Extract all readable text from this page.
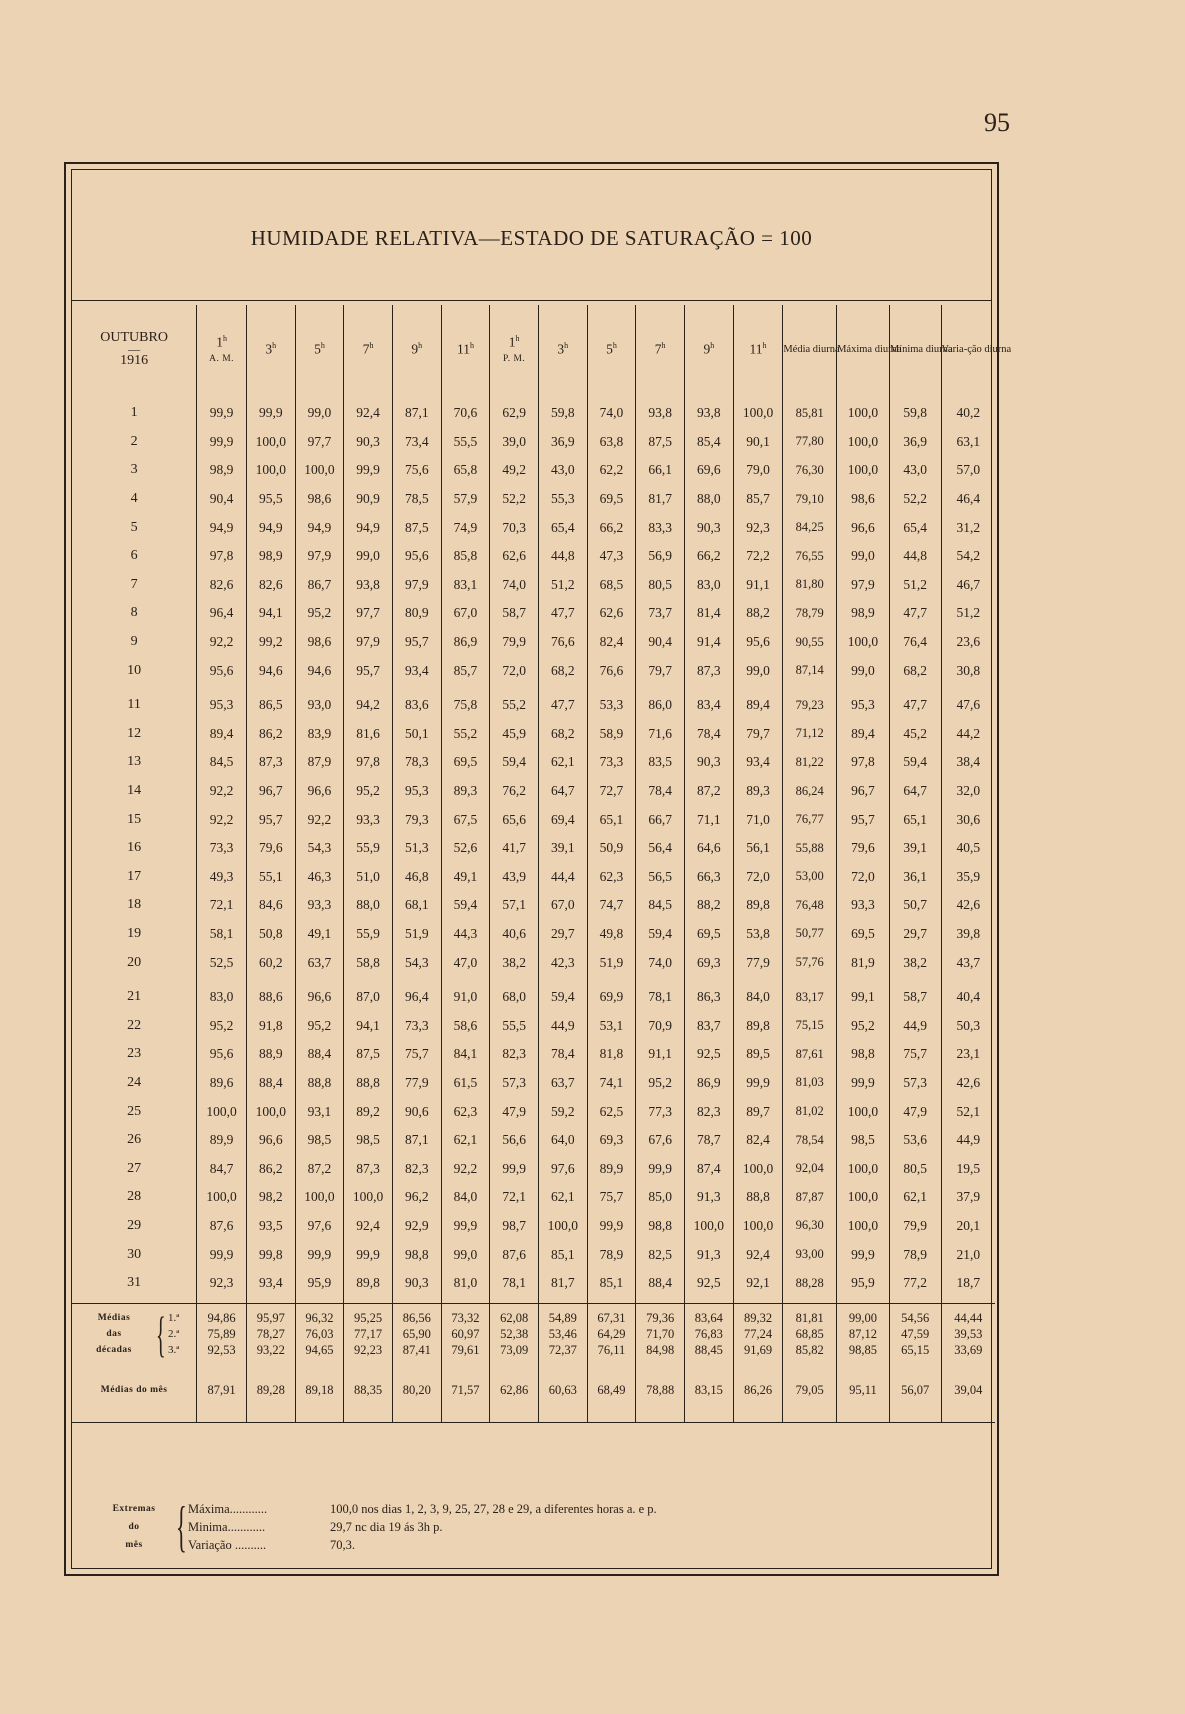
95
HUMIDADE RELATIVA—ESTADO DE SATURAÇÃO = 100
OUTUBRO
—
1916	1$^h$
A. M.	3$^h$	5$^h$	7$^h$	9$^h$	11$^h$	1$^h$
P. M.	3$^h$	5$^h$	7$^h$	9$^h$	11$^h$	Média diurna	Máxima diurna	Mínima diurna	Varia-ção diurna

1	99,9	99,9	99,0	92,4	87,1	70,6	62,9	59,8	74,0	93,8	93,8	100,0	85,81	100,0	59,8	40,2
2	99,9	100,0	97,7	90,3	73,4	55,5	39,0	36,9	63,8	87,5	85,4	90,1	77,80	100,0	36,9	63,1
3	98,9	100,0	100,0	99,9	75,6	65,8	49,2	43,0	62,2	66,1	69,6	79,0	76,30	100,0	43,0	57,0
4	90,4	95,5	98,6	90,9	78,5	57,9	52,2	55,3	69,5	81,7	88,0	85,7	79,10	98,6	52,2	46,4
5	94,9	94,9	94,9	94,9	87,5	74,9	70,3	65,4	66,2	83,3	90,3	92,3	84,25	96,6	65,4	31,2
6	97,8	98,9	97,9	99,0	95,6	85,8	62,6	44,8	47,3	56,9	66,2	72,2	76,55	99,0	44,8	54,2
7	82,6	82,6	86,7	93,8	97,9	83,1	74,0	51,2	68,5	80,5	83,0	91,1	81,80	97,9	51,2	46,7
8	96,4	94,1	95,2	97,7	80,9	67,0	58,7	47,7	62,6	73,7	81,4	88,2	78,79	98,9	47,7	51,2
9	92,2	99,2	98,6	97,9	95,7	86,9	79,9	76,6	82,4	90,4	91,4	95,6	90,55	100,0	76,4	23,6
10	95,6	94,6	94,6	95,7	93,4	85,7	72,0	68,2	76,6	79,7	87,3	99,0	87,14	99,0	68,2	30,8

11	95,3	86,5	93,0	94,2	83,6	75,8	55,2	47,7	53,3	86,0	83,4	89,4	79,23	95,3	47,7	47,6
12	89,4	86,2	83,9	81,6	50,1	55,2	45,9	68,2	58,9	71,6	78,4	79,7	71,12	89,4	45,2	44,2
13	84,5	87,3	87,9	97,8	78,3	69,5	59,4	62,1	73,3	83,5	90,3	93,4	81,22	97,8	59,4	38,4
14	92,2	96,7	96,6	95,2	95,3	89,3	76,2	64,7	72,7	78,4	87,2	89,3	86,24	96,7	64,7	32,0
15	92,2	95,7	92,2	93,3	79,3	67,5	65,6	69,4	65,1	66,7	71,1	71,0	76,77	95,7	65,1	30,6
16	73,3	79,6	54,3	55,9	51,3	52,6	41,7	39,1	50,9	56,4	64,6	56,1	55,88	79,6	39,1	40,5
17	49,3	55,1	46,3	51,0	46,8	49,1	43,9	44,4	62,3	56,5	66,3	72,0	53,00	72,0	36,1	35,9
18	72,1	84,6	93,3	88,0	68,1	59,4	57,1	67,0	74,7	84,5	88,2	89,8	76,48	93,3	50,7	42,6
19	58,1	50,8	49,1	55,9	51,9	44,3	40,6	29,7	49,8	59,4	69,5	53,8	50,77	69,5	29,7	39,8
20	52,5	60,2	63,7	58,8	54,3	47,0	38,2	42,3	51,9	74,0	69,3	77,9	57,76	81,9	38,2	43,7

21	83,0	88,6	96,6	87,0	96,4	91,0	68,0	59,4	69,9	78,1	86,3	84,0	83,17	99,1	58,7	40,4
22	95,2	91,8	95,2	94,1	73,3	58,6	55,5	44,9	53,1	70,9	83,7	89,8	75,15	95,2	44,9	50,3
23	95,6	88,9	88,4	87,5	75,7	84,1	82,3	78,4	81,8	91,1	92,5	89,5	87,61	98,8	75,7	23,1
24	89,6	88,4	88,8	88,8	77,9	61,5	57,3	63,7	74,1	95,2	86,9	99,9	81,03	99,9	57,3	42,6
25	100,0	100,0	93,1	89,2	90,6	62,3	47,9	59,2	62,5	77,3	82,3	89,7	81,02	100,0	47,9	52,1
26	89,9	96,6	98,5	98,5	87,1	62,1	56,6	64,0	69,3	67,6	78,7	82,4	78,54	98,5	53,6	44,9
27	84,7	86,2	87,2	87,3	82,3	92,2	99,9	97,6	89,9	99,9	87,4	100,0	92,04	100,0	80,5	19,5
28	100,0	98,2	100,0	100,0	96,2	84,0	72,1	62,1	75,7	85,0	91,3	88,8	87,87	100,0	62,1	37,9
29	87,6	93,5	97,6	92,4	92,9	99,9	98,7	100,0	99,9	98,8	100,0	100,0	96,30	100,0	79,9	20,1
30	99,9	99,8	99,9	99,9	98,8	99,0	87,6	85,1	78,9	82,5	91,3	92,4	93,00	99,9	78,9	21,0
31	92,3	93,4	95,9	89,8	90,3	81,0	78,1	81,7	85,1	88,4	92,5	92,1	88,28	95,9	77,2	18,7

Médias { 1.ª	94,86	95,97	96,32	95,25	86,56	73,32	62,08	54,89	67,31	79,36	83,64	89,32	81,81	99,00	54,56	44,44

das 2.ª	75,89	78,27	76,03	77,17	65,90	60,97	52,38	53,46	64,29	71,70	76,83	77,24	68,85	87,12	47,59	39,53

décadas 3.ª	92,53	93,22	94,65	92,23	87,41	79,61	73,09	72,37	76,11	84,98	88,45	91,69	85,82	98,85	65,15	33,69
Médias do mês	87,91	89,28	89,18	88,35	80,20	71,57	62,86	60,63	68,49	78,88	83,15	86,26	79,05	95,11	56,07	39,04

Extremas
do
mês { Máxima............	100,0 nos dias 1, 2, 3, 9, 25, 27, 28 e 29, a diferentes horas a. e p.
Minima............	29,7 nc dia 19 ás 3h p.
Variação ..........	70,3.
